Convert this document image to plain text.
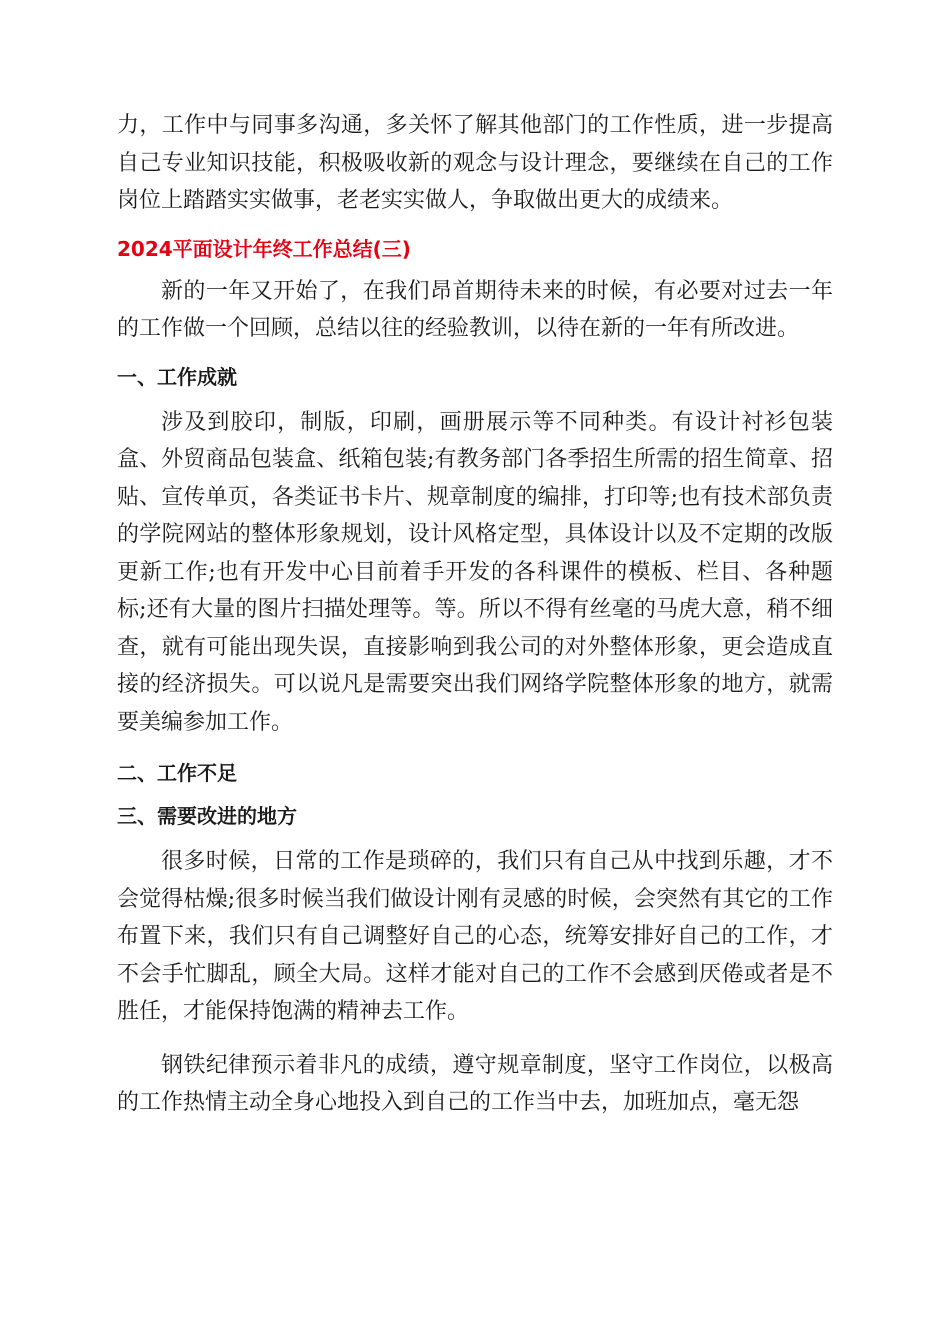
力，工作中与同事多沟通，多关怀了解其他部门的工作性质，进一步提高自己专业知识技能，积极吸收新的观念与设计理念，要继续在自己的工作岗位上踏踏实实做事，老老实实做人，争取做出更大的成绩来。

2024平面设计年终工作总结(三)

新的一年又开始了，在我们昂首期待未来的时候，有必要对过去一年的工作做一个回顾，总结以往的经验教训，以待在新的一年有所改进。

一、工作成就

涉及到胶印，制版，印刷，画册展示等不同种类。有设计衬衫包装盒、外贸商品包装盒、纸箱包装;有教务部门各季招生所需的招生简章、招贴、宣传单页，各类证书卡片、规章制度的编排，打印等;也有技术部负责的学院网站的整体形象规划，设计风格定型，具体设计以及不定期的改版更新工作;也有开发中心目前着手开发的各科课件的模板、栏目、各种题标;还有大量的图片扫描处理等。等。所以不得有丝毫的马虎大意，稍不细查，就有可能出现失误，直接影响到我公司的对外整体形象，更会造成直接的经济损失。可以说凡是需要突出我们网络学院整体形象的地方，就需要美编参加工作。

二、工作不足
三、需要改进的地方

很多时候，日常的工作是琐碎的，我们只有自己从中找到乐趣，才不会觉得枯燥;很多时候当我们做设计刚有灵感的时候，会突然有其它的工作布置下来，我们只有自己调整好自己的心态，统筹安排好自己的工作，才不会手忙脚乱，顾全大局。这样才能对自己的工作不会感到厌倦或者是不胜任，才能保持饱满的精神去工作。

钢铁纪律预示着非凡的成绩，遵守规章制度，坚守工作岗位，以极高的工作热情主动全身心地投入到自己的工作当中去，加班加点，毫无怨
